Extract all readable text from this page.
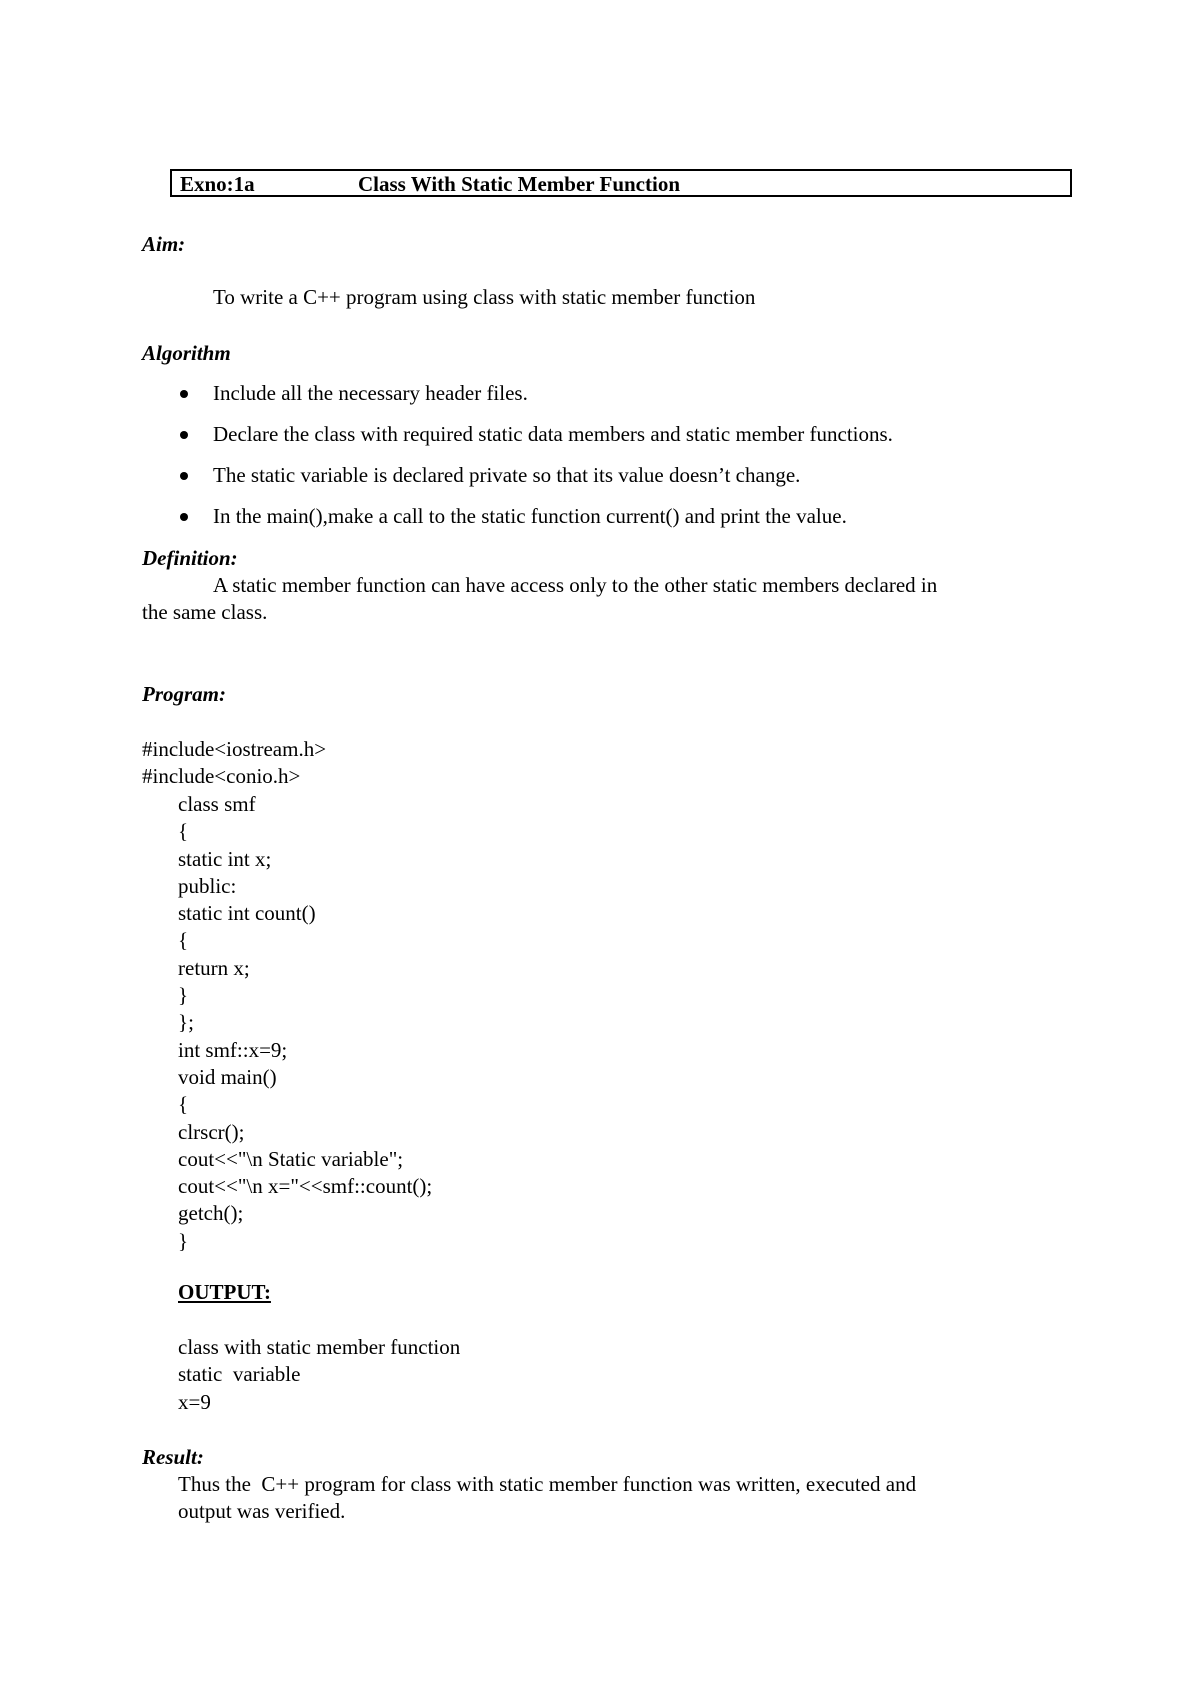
Exno:1a	Class With Static Member Function
Aim:
To write a C++ program using class with static member function
Algorithm
Include all the necessary header files.
Declare the class with required static data members and static member functions.
The static variable is declared private so that its value doesn’t change.
In the main(),make a call to the static function current() and print the value.
Definition:
A static member function can have access only to the other static members declared in
the same class.
Program:
#include<iostream.h>
#include<conio.h>
class smf
{
static int x;
public:
static int count()
{
return x;
}
};
int smf::x=9;
void main()
{
clrscr();
cout<<"\n Static variable";
cout<<"\n x="<<smf::count();
getch();
}
OUTPUT:
class with static member function
static  variable
x=9
Result:
Thus the  C++ program for class with static member function was written, executed and
output was verified.
